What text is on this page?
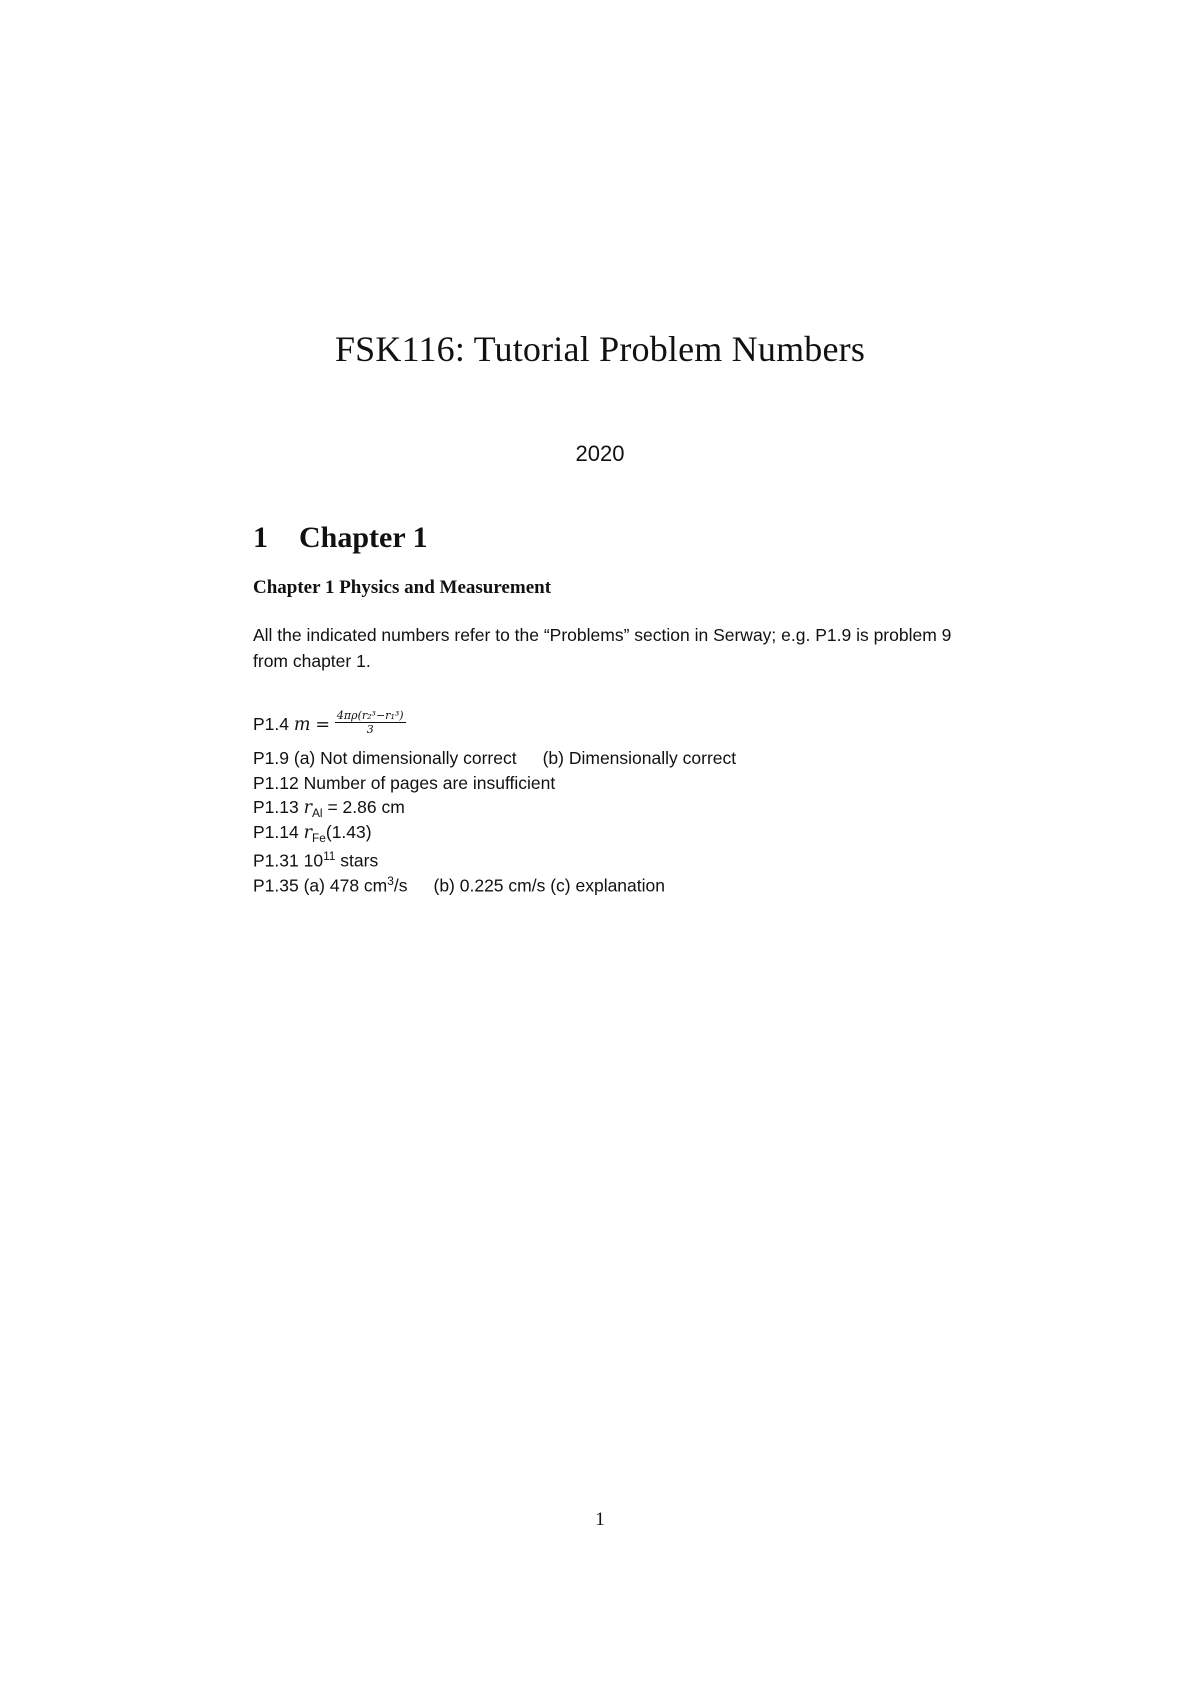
FSK116: Tutorial Problem Numbers
2020
1 Chapter 1
Chapter 1 Physics and Measurement
All the indicated numbers refer to the “Problems” section in Serway; e.g. P1.9 is problem 9 from chapter 1.
P1.4 $m = \frac{\text{4πρ(r₂³−r₁³)}}{3}$
P1.9 (a) Not dimensionally correct (b) Dimensionally correct
P1.12 Number of pages are insufficient
P1.13 $r_{Al} = 2.86$ cm
P1.14 $r_{Fe}(1.43)$
P1.31 $10^{11}$ stars
P1.35 (a) 478 $cm^3/s$ (b) 0.225 cm/s (c) explanation
1
